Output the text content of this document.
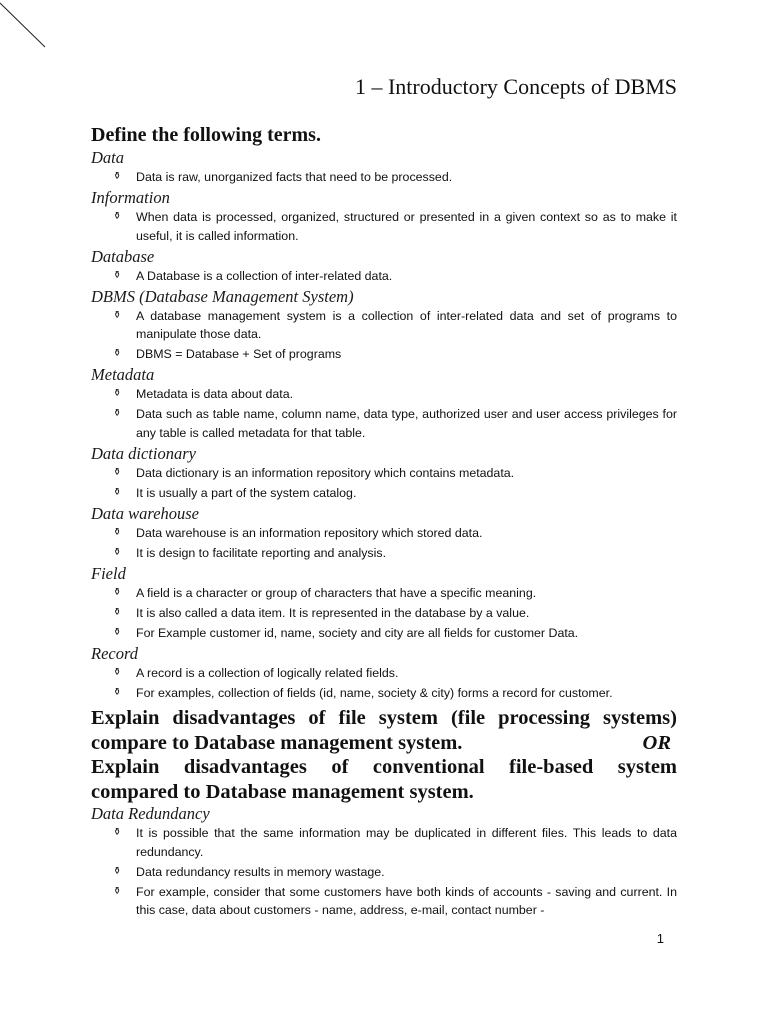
1 – Introductory Concepts of DBMS
Define the following terms.

Data

⚱ Data is raw, unorganized facts that need to be processed.

Information

⚱ When data is processed, organized, structured or presented in a given context so as to make it useful, it is called information.

Database

⚱ A Database is a collection of inter-related data.

DBMS (Database Management System)

⚱ A database management system is a collection of inter-related data and set of programs to manipulate those data.
⚱ DBMS = Database + Set of programs

Metadata

⚱ Metadata is data about data.
⚱ Data such as table name, column name, data type, authorized user and user access privileges for any table is called metadata for that table.

Data dictionary

⚱ Data dictionary is an information repository which contains metadata.
⚱ It is usually a part of the system catalog.

Data warehouse

⚱ Data warehouse is an information repository which stored data.
⚱ It is design to facilitate reporting and analysis.

Field

⚱ A field is a character or group of characters that have a specific meaning.
⚱ It is also called a data item. It is represented in the database by a value.
⚱ For Example customer id, name, society and city are all fields for customer Data.

Record

⚱ A record is a collection of logically related fields.
⚱ For examples, collection of fields (id, name, society & city) forms a record for customer.

Explain disadvantages of file system (file processing systems)

compare to Database management system.	OR

Explain disadvantages of conventional file-based system

compared to Database management system.

Data Redundancy

⚱ It is possible that the same information may be duplicated in different files. This leads to data redundancy.
⚱ Data redundancy results in memory wastage.
⚱ For example, consider that some customers have both kinds of accounts - saving and current. In this case, data about customers - name, address, e-mail, contact number -
1
